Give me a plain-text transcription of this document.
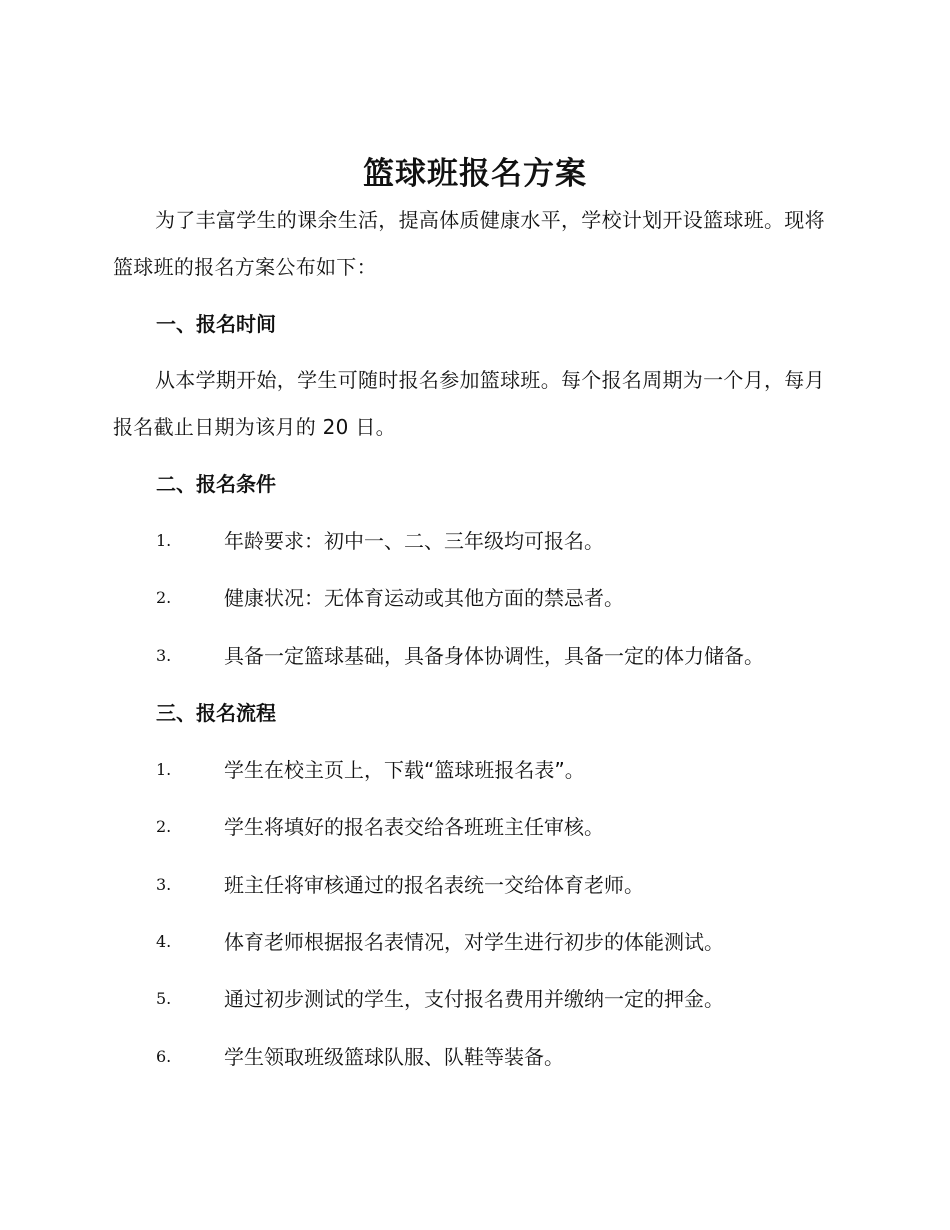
篮球班报名方案
为了丰富学生的课余生活，提高体质健康水平，学校计划开设篮球班。现将篮球班的报名方案公布如下：
一、报名时间
从本学期开始，学生可随时报名参加篮球班。每个报名周期为一个月，每月报名截止日期为该月的 20 日。
二、报名条件
1.	年龄要求：初中一、二、三年级均可报名。
2.	健康状况：无体育运动或其他方面的禁忌者。
3.	具备一定篮球基础，具备身体协调性，具备一定的体力储备。
三、报名流程
1.	学生在校主页上，下载“篮球班报名表”。
2.	学生将填好的报名表交给各班班主任审核。
3.	班主任将审核通过的报名表统一交给体育老师。
4.	体育老师根据报名表情况，对学生进行初步的体能测试。
5.	通过初步测试的学生，支付报名费用并缴纳一定的押金。
6.	学生领取班级篮球队服、队鞋等装备。
